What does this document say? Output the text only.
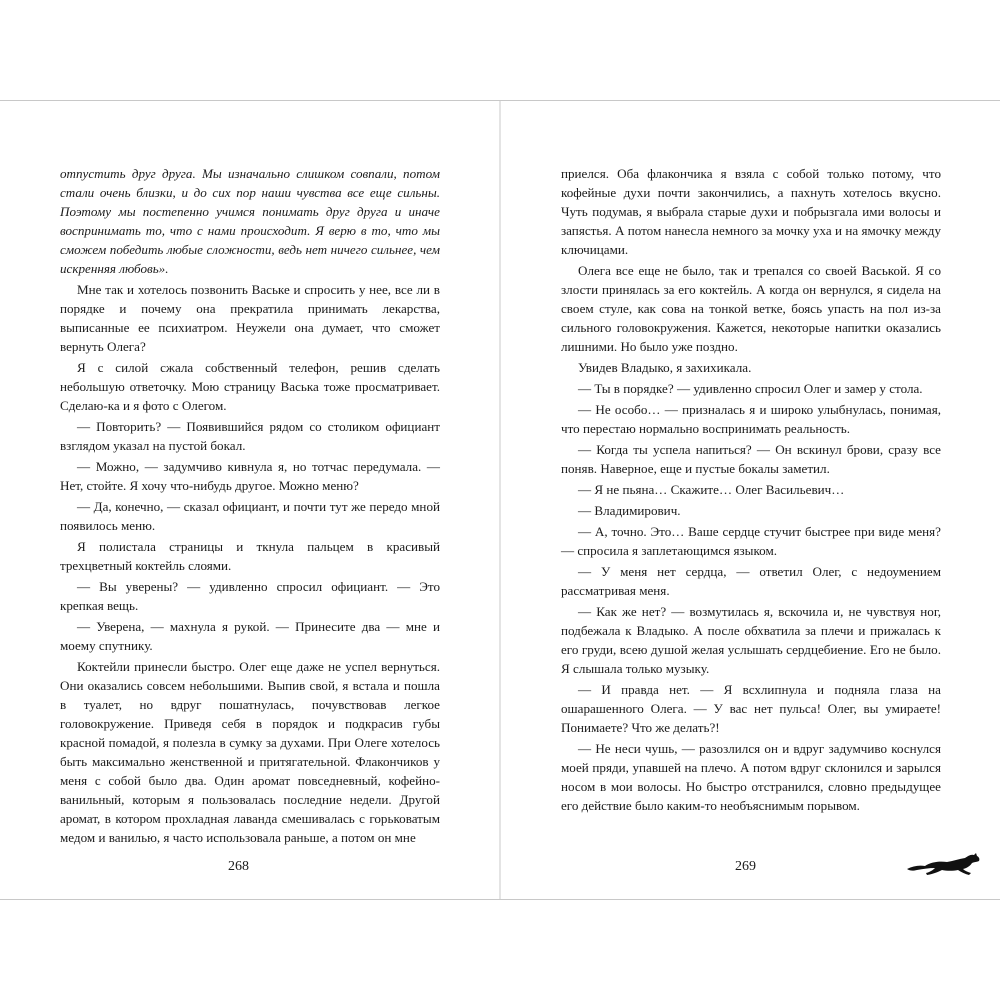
отпустить друг друга. Мы изначально слишком совпали, потом стали очень близки, и до сих пор наши чувства все еще сильны. Поэтому мы постепенно учимся понимать друг друга и иначе воспринимать то, что с нами происходит. Я верю в то, что мы сможем победить любые сложности, ведь нет ничего сильнее, чем искренняя любовь».

Мне так и хотелось позвонить Ваське и спросить у нее, все ли в порядке и почему она прекратила принимать лекарства, выписанные ее психиатром. Неужели она думает, что сможет вернуть Олега?

Я с силой сжала собственный телефон, решив сделать небольшую ответочку. Мою страницу Васька тоже просматривает. Сделаю-ка и я фото с Олегом.

— Повторить? — Появившийся рядом со столиком официант взглядом указал на пустой бокал.

— Можно, — задумчиво кивнула я, но тотчас передумала. — Нет, стойте. Я хочу что-нибудь другое. Можно меню?

— Да, конечно, — сказал официант, и почти тут же передо мной появилось меню.

Я полистала страницы и ткнула пальцем в красивый трехцветный коктейль слоями.

— Вы уверены? — удивленно спросил официант. — Это крепкая вещь.

— Уверена, — махнула я рукой. — Принесите два — мне и моему спутнику.

Коктейли принесли быстро. Олег еще даже не успел вернуться. Они оказались совсем небольшими. Выпив свой, я встала и пошла в туалет, но вдруг пошатнулась, почувствовав легкое головокружение. Приведя себя в порядок и подкрасив губы красной помадой, я полезла в сумку за духами. При Олеге хотелось быть максимально женственной и притягательной. Флакончиков у меня с собой было два. Один аромат повседневный, кофейно-ванильный, которым я пользовалась последние недели. Другой аромат, в котором прохладная лаванда смешивалась с горьковатым медом и ванилью, я часто использовала раньше, а потом он мне

приелся. Оба флакончика я взяла с собой только потому, что кофейные духи почти закончились, а пахнуть хотелось вкусно. Чуть подумав, я выбрала старые духи и побрызгала ими волосы и запястья. А потом нанесла немного за мочку уха и на ямочку между ключицами.

Олега все еще не было, так и трепался со своей Васькой. Я со злости принялась за его коктейль. А когда он вернулся, я сидела на своем стуле, как сова на тонкой ветке, боясь упасть на пол из-за сильного головокружения. Кажется, некоторые напитки оказались лишними. Но было уже поздно.

Увидев Владыко, я захихикала.

— Ты в порядке? — удивленно спросил Олег и замер у стола.

— Не особо… — призналась я и широко улыбнулась, понимая, что перестаю нормально воспринимать реальность.

— Когда ты успела напиться? — Он вскинул брови, сразу все поняв. Наверное, еще и пустые бокалы заметил.

— Я не пьяна… Скажите… Олег Васильевич…

— Владимирович.

— А, точно. Это… Ваше сердце стучит быстрее при виде меня? — спросила я заплетающимся языком.

— У меня нет сердца, — ответил Олег, с недоумением рассматривая меня.

— Как же нет? — возмутилась я, вскочила и, не чувствуя ног, подбежала к Владыко. А после обхватила за плечи и прижалась к его груди, всею душой желая услышать сердцебиение. Его не было. Я слышала только музыку.

— И правда нет. — Я всхлипнула и подняла глаза на ошарашенного Олега. — У вас нет пульса! Олег, вы умираете! Понимаете? Что же делать?!

— Не неси чушь, — разозлился он и вдруг задумчиво коснулся моей пряди, упавшей на плечо. А потом вдруг склонился и зарылся носом в мои волосы. Но быстро отстранился, словно предыдущее его действие было каким-то необъяснимым порывом.

268	269
